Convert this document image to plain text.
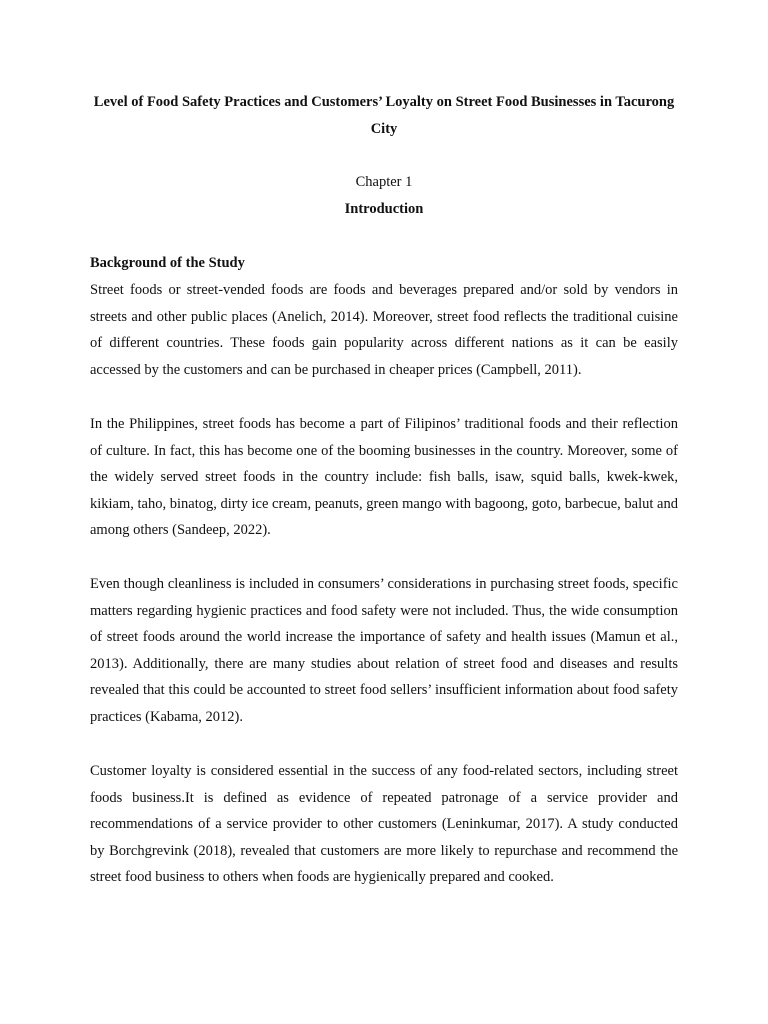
Level of Food Safety Practices and Customers’ Loyalty on Street Food Businesses in Tacurong City

Chapter 1

Introduction

Background of the Study

Street foods or street-vended foods are foods and beverages prepared and/or sold by vendors in streets and other public places (Anelich, 2014). Moreover, street food reflects the traditional cuisine of different countries. These foods gain popularity across different nations as it can be easily accessed by the customers and can be purchased in cheaper prices (Campbell, 2011).

In the Philippines, street foods has become a part of Filipinos’ traditional foods and their reflection of culture. In fact, this has become one of the booming businesses in the country. Moreover, some of the widely served street foods in the country include: fish balls, isaw, squid balls, kwek-kwek, kikiam, taho, binatog, dirty ice cream, peanuts, green mango with bagoong, goto, barbecue, balut and among others (Sandeep, 2022).

Even though cleanliness is included in consumers’ considerations in purchasing street foods, specific matters regarding hygienic practices and food safety were not included. Thus, the wide consumption of street foods around the world increase the importance of safety and health issues (Mamun et al., 2013). Additionally, there are many studies about relation of street food and diseases and results revealed that this could be accounted to street food sellers’ insufficient information about food safety practices (Kabama, 2012).

Customer loyalty is considered essential in the success of any food-related sectors, including street foods business.It is defined as evidence of repeated patronage of a service provider and recommendations of a service provider to other customers (Leninkumar, 2017). A study conducted by Borchgrevink (2018), revealed that customers are more likely to repurchase and recommend the street food business to others when foods are hygienically prepared and cooked.
